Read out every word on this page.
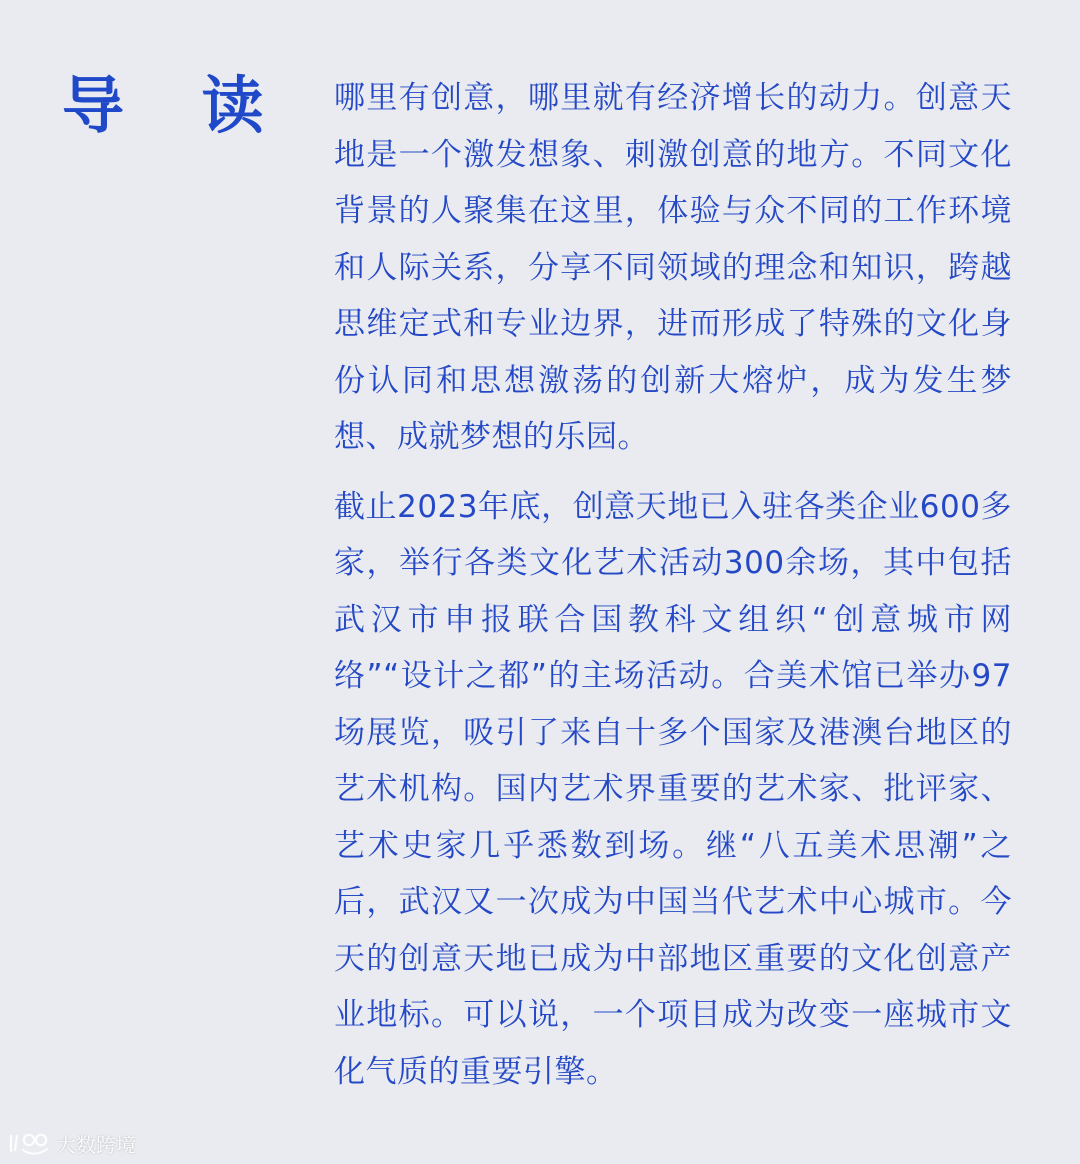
导 读 哪里有创意，哪里就有经济增长的动力。创意天地是一个激发想象、刺激创意的地方。不同文化背景的人聚集在这里，体验与众不同的工作环境和人际关系，分享不同领域的理念和知识，跨越思维定式和专业边界，进而形成了特殊的文化身份认同和思想激荡的创新大熔炉，成为发生梦想、成就梦想的乐园。

截止2023年底，创意天地已入驻各类企业600多家，举行各类文化艺术活动300余场，其中包括武汉市申报联合国教科文组织“创意城市网络”“设计之都”的主场活动。合美术馆已举办97场展览，吸引了来自十多个国家及港澳台地区的艺术机构。国内艺术界重要的艺术家、批评家、艺术史家几乎悉数到场。继“八五美术思潮”之后，武汉又一次成为中国当代艺术中心城市。今天的创意天地已成为中部地区重要的文化创意产业地标。可以说，一个项目成为改变一座城市文化气质的重要引擎。

大数跨境
